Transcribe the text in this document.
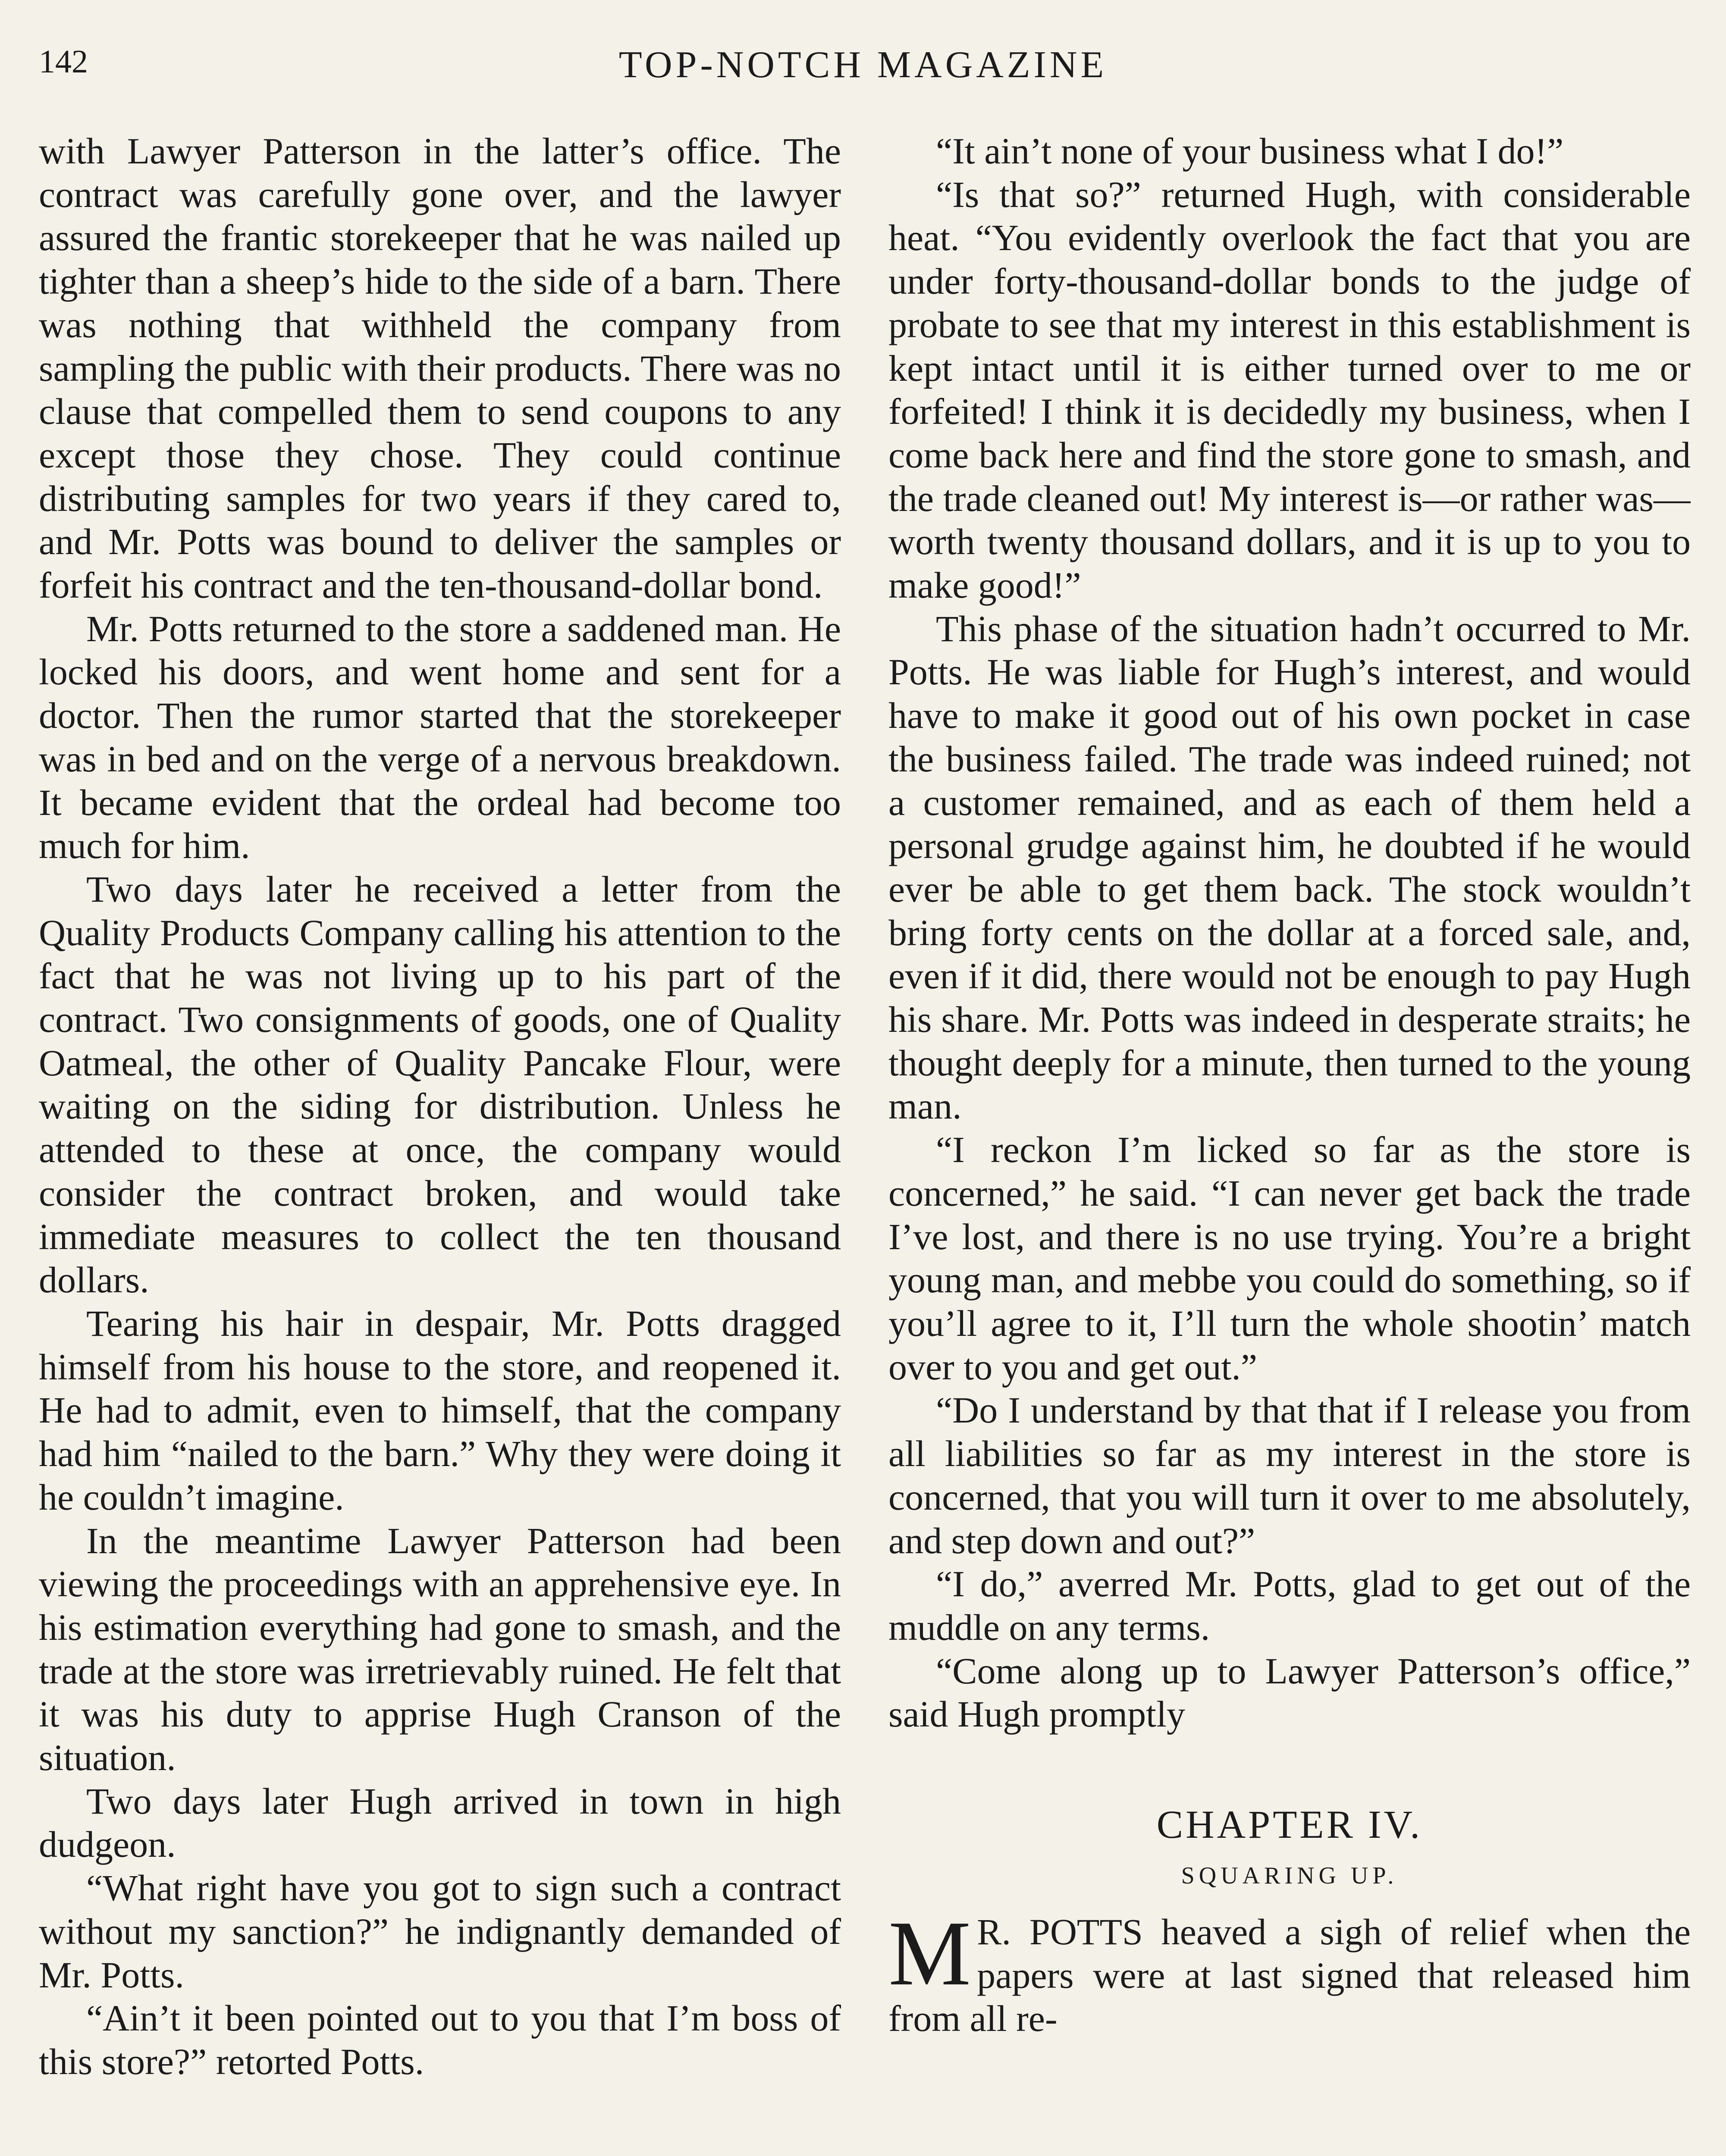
142	TOP-NOTCH MAGAZINE

with Lawyer Patterson in the latter’s office. The contract was carefully gone over, and the lawyer assured the frantic storekeeper that he was nailed up tighter than a sheep’s hide to the side of a barn. There was nothing that withheld the company from sampling the public with their products. There was no clause that compelled them to send coupons to any except those they chose. They could continue distributing samples for two years if they cared to, and Mr. Potts was bound to deliver the samples or forfeit his contract and the ten-thousand-dollar bond.

Mr. Potts returned to the store a saddened man. He locked his doors, and went home and sent for a doctor. Then the rumor started that the storekeeper was in bed and on the verge of a nervous breakdown. It became evident that the ordeal had become too much for him.

Two days later he received a letter from the Quality Products Company calling his attention to the fact that he was not living up to his part of the contract. Two consignments of goods, one of Quality Oatmeal, the other of Quality Pancake Flour, were waiting on the siding for distribution. Unless he attended to these at once, the company would consider the contract broken, and would take immediate measures to collect the ten thousand dollars.

Tearing his hair in despair, Mr. Potts dragged himself from his house to the store, and reopened it. He had to admit, even to himself, that the company had him “nailed to the barn.” Why they were doing it he couldn’t imagine.

In the meantime Lawyer Patterson had been viewing the proceedings with an apprehensive eye. In his estimation everything had gone to smash, and the trade at the store was irretrievably ruined. He felt that it was his duty to apprise Hugh Cranson of the situation.

Two days later Hugh arrived in town in high dudgeon.

“What right have you got to sign such a contract without my sanction?” he indignantly demanded of Mr. Potts.

“Ain’t it been pointed out to you that I’m boss of this store?” retorted Potts.

“It ain’t none of your business what I do!”

“Is that so?” returned Hugh, with considerable heat. “You evidently overlook the fact that you are under forty-thousand-dollar bonds to the judge of probate to see that my interest in this establishment is kept intact until it is either turned over to me or forfeited! I think it is decidedly my business, when I come back here and find the store gone to smash, and the trade cleaned out! My interest is—or rather was—worth twenty thousand dollars, and it is up to you to make good!”

This phase of the situation hadn’t occurred to Mr. Potts. He was liable for Hugh’s interest, and would have to make it good out of his own pocket in case the business failed. The trade was indeed ruined; not a customer remained, and as each of them held a personal grudge against him, he doubted if he would ever be able to get them back. The stock wouldn’t bring forty cents on the dollar at a forced sale, and, even if it did, there would not be enough to pay Hugh his share. Mr. Potts was indeed in desperate straits; he thought deeply for a minute, then turned to the young man.

“I reckon I’m licked so far as the store is concerned,” he said. “I can never get back the trade I’ve lost, and there is no use trying. You’re a bright young man, and mebbe you could do something, so if you’ll agree to it, I’ll turn the whole shootin’ match over to you and get out.”

“Do I understand by that that if I release you from all liabilities so far as my interest in the store is concerned, that you will turn it over to me absolutely, and step down and out?”

“I do,” averred Mr. Potts, glad to get out of the muddle on any terms.

“Come along up to Lawyer Patterson’s office,” said Hugh promptly

CHAPTER IV.
SQUARING UP.

M R. POTTS heaved a sigh of relief when the papers were at last signed that released him from all re-
